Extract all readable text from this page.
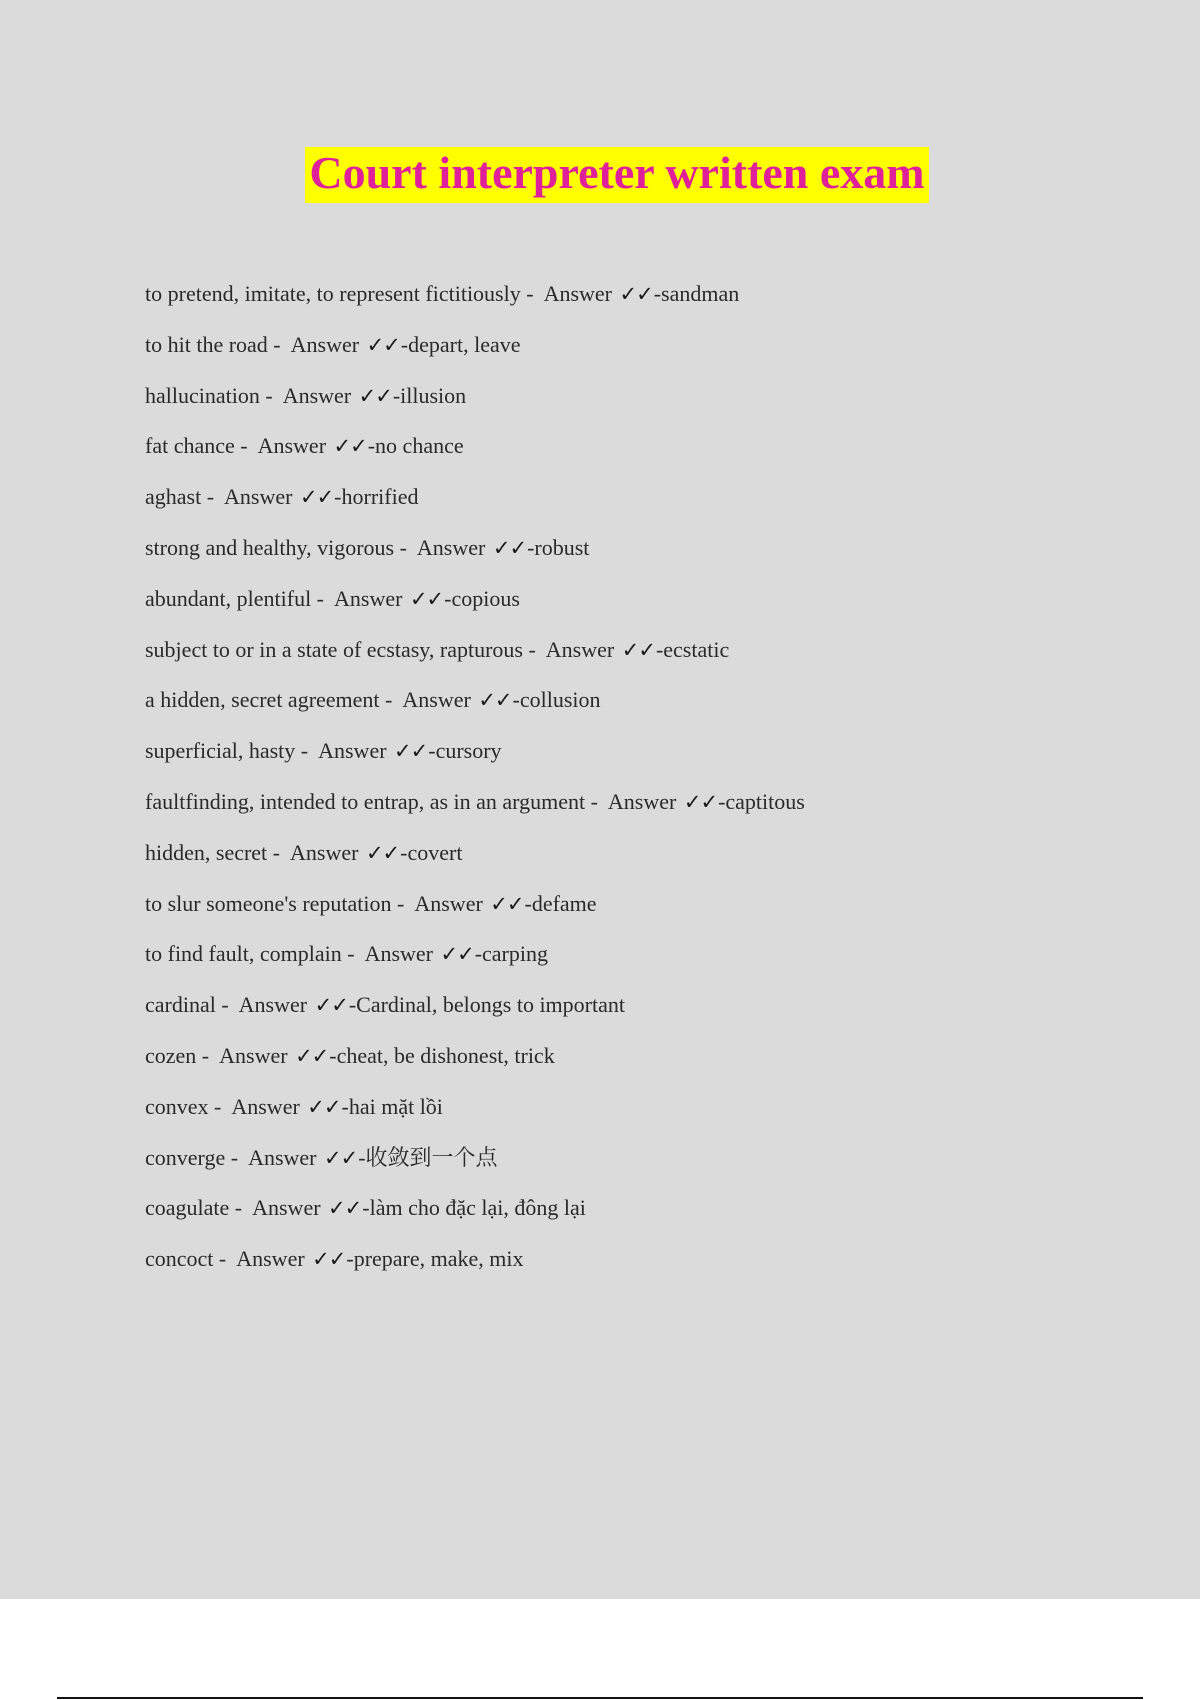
Court interpreter written exam
to pretend, imitate, to represent fictitiously - Answer ✓✓-sandman
to hit the road - Answer ✓✓-depart, leave
hallucination - Answer ✓✓-illusion
fat chance - Answer ✓✓-no chance
aghast - Answer ✓✓-horrified
strong and healthy, vigorous - Answer ✓✓-robust
abundant, plentiful - Answer ✓✓-copious
subject to or in a state of ecstasy, rapturous - Answer ✓✓-ecstatic
a hidden, secret agreement - Answer ✓✓-collusion
superficial, hasty - Answer ✓✓-cursory
faultfinding, intended to entrap, as in an argument - Answer ✓✓-captitous
hidden, secret - Answer ✓✓-covert
to slur someone's reputation - Answer ✓✓-defame
to find fault, complain - Answer ✓✓-carping
cardinal - Answer ✓✓-Cardinal, belongs to important
cozen - Answer ✓✓-cheat, be dishonest, trick
convex - Answer ✓✓-hai mặt lồi
converge - Answer ✓✓-收敛到一个点
coagulate - Answer ✓✓-làm cho đặc lại, đông lại
concoct - Answer ✓✓-prepare, make, mix
